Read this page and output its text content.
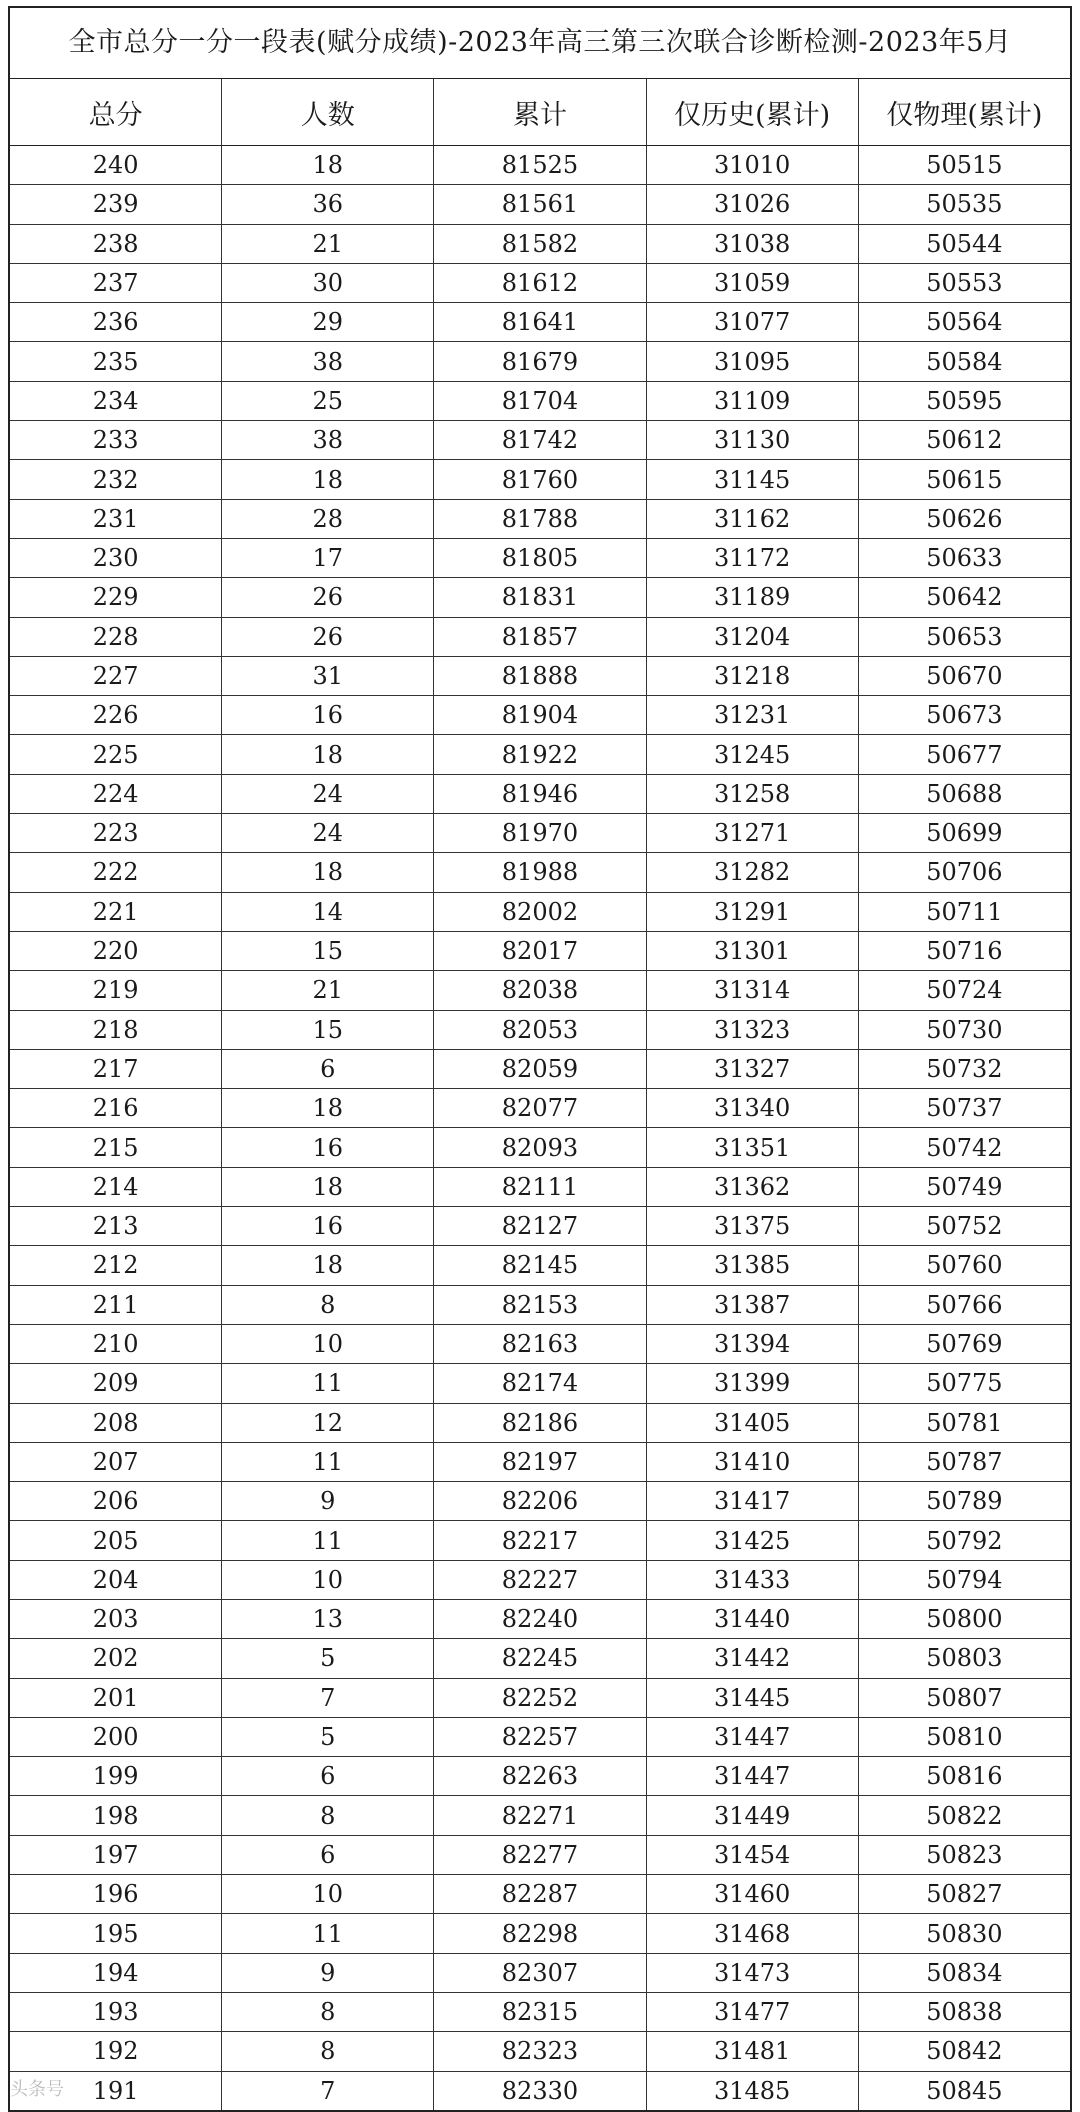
全市总分一分一段表(赋分成绩)-2023年高三第三次联合诊断检测-2023年5月
总分	人数	累计	仅历史(累计)	仅物理(累计)
240	18	81525	31010	50515
239	36	81561	31026	50535
238	21	81582	31038	50544
237	30	81612	31059	50553
236	29	81641	31077	50564
235	38	81679	31095	50584
234	25	81704	31109	50595
233	38	81742	31130	50612
232	18	81760	31145	50615
231	28	81788	31162	50626
230	17	81805	31172	50633
229	26	81831	31189	50642
228	26	81857	31204	50653
227	31	81888	31218	50670
226	16	81904	31231	50673
225	18	81922	31245	50677
224	24	81946	31258	50688
223	24	81970	31271	50699
222	18	81988	31282	50706
221	14	82002	31291	50711
220	15	82017	31301	50716
219	21	82038	31314	50724
218	15	82053	31323	50730
217	6	82059	31327	50732
216	18	82077	31340	50737
215	16	82093	31351	50742
214	18	82111	31362	50749
213	16	82127	31375	50752
212	18	82145	31385	50760
211	8	82153	31387	50766
210	10	82163	31394	50769
209	11	82174	31399	50775
208	12	82186	31405	50781
207	11	82197	31410	50787
206	9	82206	31417	50789
205	11	82217	31425	50792
204	10	82227	31433	50794
203	13	82240	31440	50800
202	5	82245	31442	50803
201	7	82252	31445	50807
200	5	82257	31447	50810
199	6	82263	31447	50816
198	8	82271	31449	50822
197	6	82277	31454	50823
196	10	82287	31460	50827
195	11	82298	31468	50830
194	9	82307	31473	50834
193	8	82315	31477	50838
192	8	82323	31481	50842
191	7	82330	31485	50845
头条号
